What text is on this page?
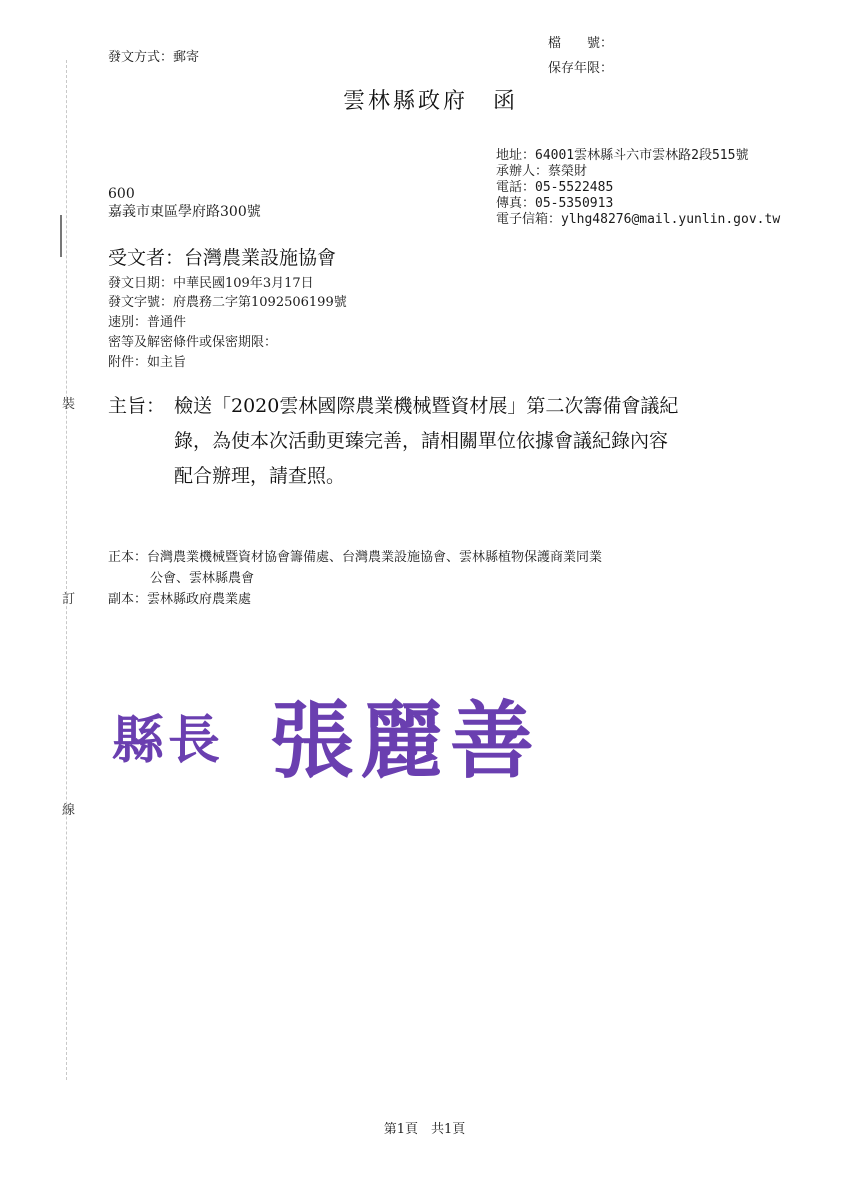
裝
訂
線
發文方式：郵寄
檔　　號：
保存年限：
雲林縣政府　函
地址：64001雲林縣斗六市雲林路2段515號
承辦人：蔡榮財
電話：05-5522485
傳真：05-5350913
電子信箱：ylhg48276@mail.yunlin.gov.tw
600
嘉義市東區學府路300號
受文者：台灣農業設施協會
發文日期：中華民國109年3月17日
發文字號：府農務二字第1092506199號
速別：普通件
密等及解密條件或保密期限：
附件：如主旨
主旨： 檢送「2020雲林國際農業機械暨資材展」第二次籌備會議紀
錄，為使本次活動更臻完善，請相關單位依據會議紀錄內容
配合辦理，請查照。
正本：台灣農業機械暨資材協會籌備處、台灣農業設施協會、雲林縣植物保護商業同業
公會、雲林縣農會
副本：雲林縣政府農業處
縣長 張麗善
第1頁　共1頁
